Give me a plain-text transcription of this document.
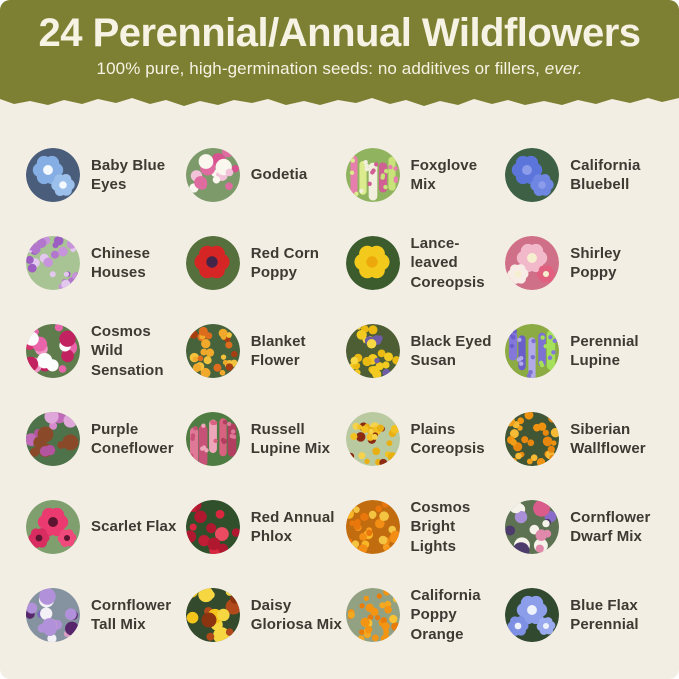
24 Perennial/Annual Wildflowers

100% pure, high-germination seeds: no additives or fillers, ever.

Baby Blue Eyes
Godetia
Foxglove Mix
California Bluebell
Chinese Houses
Red Corn Poppy
Lance-leaved Coreopsis
Shirley Poppy
Cosmos Wild Sensation
Blanket Flower
Black Eyed Susan
Perennial Lupine
Purple Coneflower
Russell Lupine Mix
Plains Coreopsis
Siberian Wallflower
Scarlet Flax
Red Annual Phlox
Cosmos Bright Lights
Cornflower Dwarf Mix
Cornflower Tall Mix
Daisy Gloriosa Mix
California Poppy Orange
Blue Flax Perennial
